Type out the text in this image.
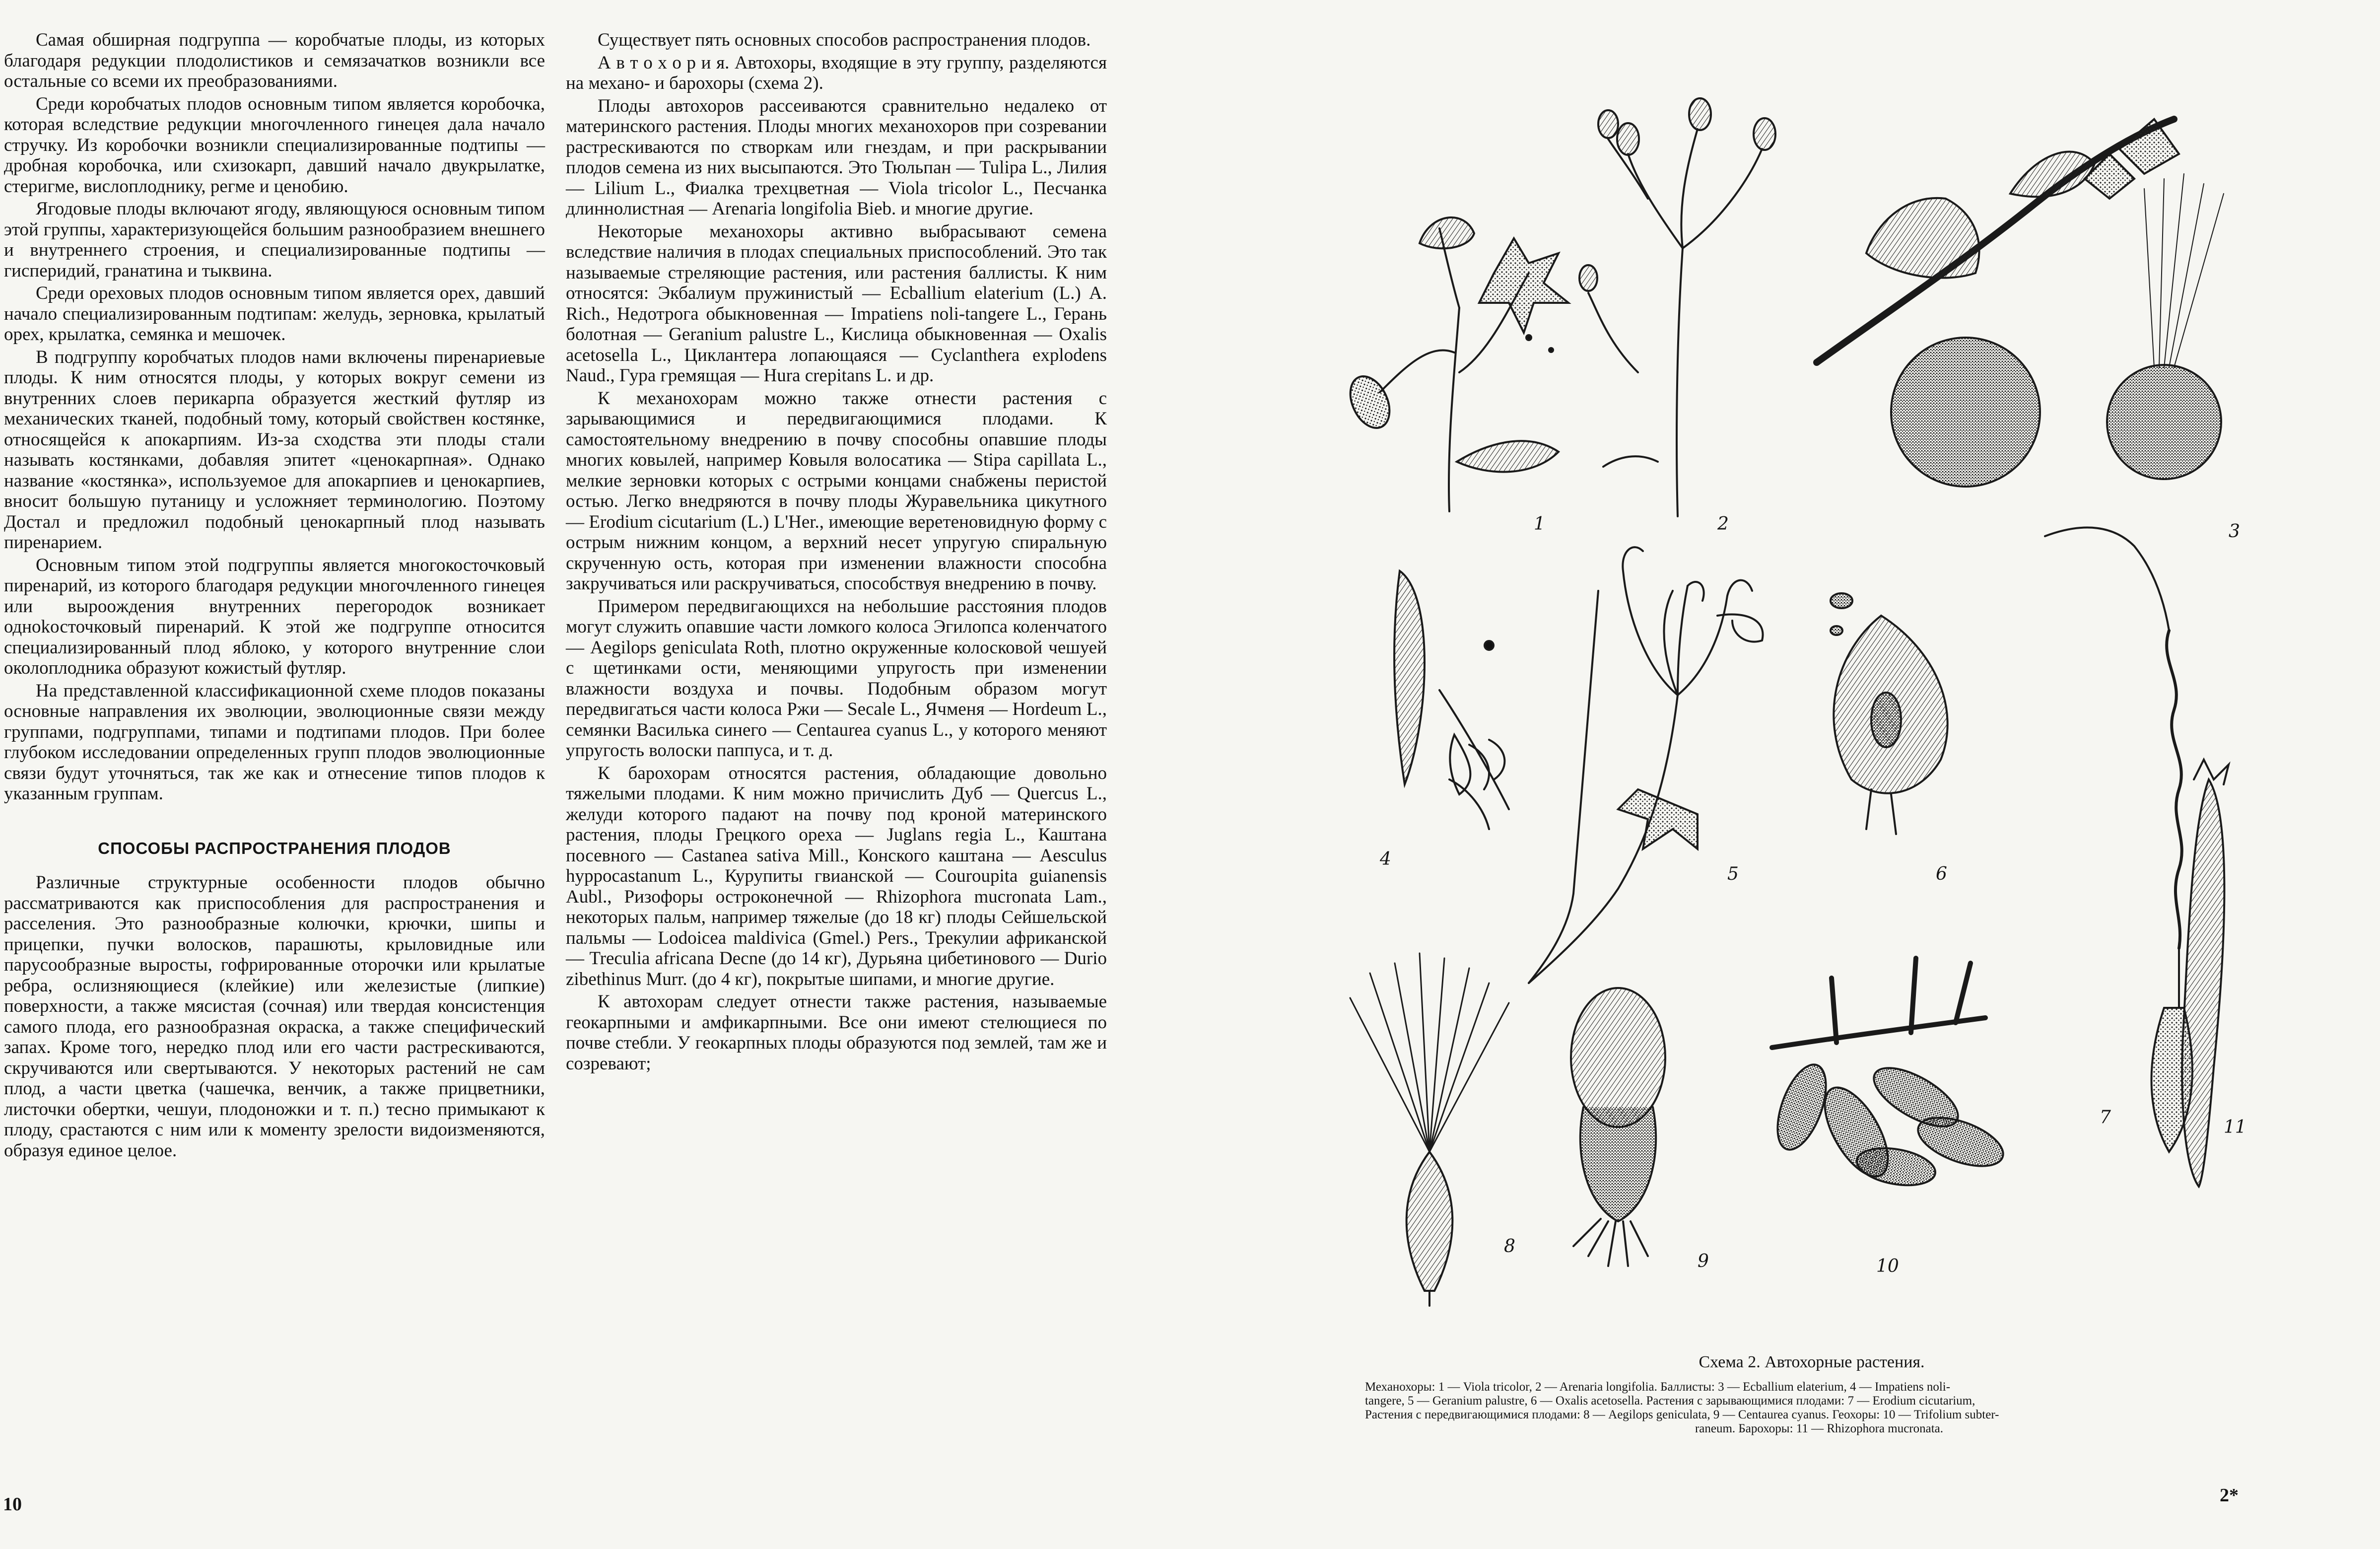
Самая обширная подгруппа — коробчатые плоды, из которых благодаря редукции плодолистиков и семязачатков возникли все остальные со всеми их преобразованиями.

Среди коробчатых плодов основным типом является коробочка, которая вследствие редукции многочленного гинецея дала начало стручку. Из коробочки возникли специализированные подтипы — дробная коробочка, или схизокарп, давший начало двукрылатке, стеригме, вислоплоднику, регме и ценобию.

Ягодовые плоды включают ягоду, являющуюся основным типом этой группы, характеризующейся большим разнообразием внешнего и внутреннего строения, и специализированные подтипы — гиспеpидий, гранатина и тыквина.

Среди ореховых плодов основным типом является орех, давший начало специализированным подтипам: желудь, зерновка, крылатый орех, крылатка, семянка и мешочек.

В подгруппу коробчатых плодов нами включены пиренариевые плоды. К ним относятся плоды, у которых вокруг семени из внутренних слоев перикарпа образуется жесткий футляр из механических тканей, подобный тому, который свойствен костянке, относящейся к апокарпиям. Из-за сходства эти плоды стали называть костянками, добавляя эпитет «ценокарпная». Однако название «костянка», используемое для апокарпиев и ценокарпиев, вносит большую путаницу и усложняет терминологию. Поэтому Достал и предложил подобный ценокарпный плод называть пиренарием.

Основным типом этой подгруппы является многокосточковый пиренарий, из которого благодаря редукции многочленного гинецея или выроoждения внутренних перегородок возникает одноkосточковый пиренарий. К этой же подгруппе относится специализированный плод яблоко, у которого внутренние слои околоплодника образуют кожистый футляр.

На представленной классификационной схеме плодов показаны основные направления их эволюции, эволюционные связи между группами, подгруппами, типами и подтипами плодов. При более глубоком исследовании определенных групп плодов эволюционные связи будут уточняться, так же как и отнесение типов плодов к указанным группам.

СПОСОБЫ РАСПРОСТРАНЕНИЯ ПЛОДОВ

Различные структурные особенности плодов обычно рассматриваются как приспособления для распространения и расселения. Это разнообразные колючки, крючки, шипы и прицепки, пучки волосков, парашюты, крыловидные или парусообразные выросты, гофрированные оторочки или крылатые ребра, ослизняющиеся (клейкие) или железистые (липкие) поверхности, а также мясистая (сочная) или твердая консистенция самого плода, его разнообразная окраска, а также специфический запах. Кроме того, нередко плод или его части растрескиваются, скручиваются или свертываются. У некоторых растений не сам плод, а части цветка (чашечка, венчик, а также прицветники, листочки обертки, чешуи, плодоножки и т. п.) тесно примыкают к плоду, срастаются с ним или к моменту зрелости видоизменяются, образуя единое целое.

Существует пять основных способов распространения плодов.

А в т о х о р и я. Автохоры, входящие в эту группу, разделяются на механо- и барохоры (схема 2).

Плоды автохоров рассеиваются сравнительно недалеко от материнского растения. Плоды многих механохоров при созревании растрескиваются по створкам или гнездам, и при раскрывании плодов семена из них высыпаются. Это Тюльпан — Tulipa L., Лилия — Lilium L., Фиалка трехцветная — Viola tricolor L., Песчанка длиннолистная — Arenaria longifolia Bieb. и многие другие.

Некоторые механохоры активно выбрасывают семена вследствие наличия в плодах специальных приспособлений. Это так называемые стреляющие растения, или растения баллисты. К ним относятся: Экбалиум пружинистый — Ecballium elaterium (L.) A. Rich., Недотрога обыкновенная — Impatiens noli-tangere L., Герань болотная — Geranium palustre L., Кислица обыкновенная — Oxalis acetosella L., Циклантера лопающаяся — Cyclanthera explodens Naud., Гура гремящая — Hura crepitans L. и др.

К механохорам можно также отнести растения с зарывающимися и передвигающимися плодами. К самостоятельному внедрению в почву способны опавшие плоды многих ковылей, например Ковыля волосатика — Stipa capillata L., мелкие зерновки которых с острыми концами снабжены перистой остью. Легко внедряются в почву плоды Журавельника цикутного — Erodium cicutarium (L.) L'Her., имеющие веретеновидную форму с острым нижним концом, а верхний несет упругую спиральную скрученную ость, которая при изменении влажности способна закручиваться или раскручиваться, способствуя внедрению в почву.

Примером передвигающихся на небольшие расстояния плодов могут служить опавшие части ломкого колоса Эгилопса коленчатого — Aegilops geniculata Roth, плотно окруженные колосковой чешуей с щетинками ости, меняющими упругость при изменении влажности воздуха и почвы. Подобным образом могут передвигаться части колоса Ржи — Secale L., Ячменя — Hordeum L., семянки Василька синего — Centaurea cyanus L., у которого меняют упругость волоски паппуса, и т. д.

К барохорам относятся растения, обладающие довольно тяжелыми плодами. К ним можно причислить Дуб — Quercus L., желуди которого падают на почву под кроной материнского растения, плоды Грецкого ореха — Juglans regia L., Каштана посевного — Castanea sativa Mill., Конского каштана — Aesculus hyppocastanum L., Курупиты гвианской — Couroupita guianensis Aubl., Ризофоры остроконечной — Rhizophora mucronata Lam., некоторых пальм, например тяжелые (до 18 кг) плоды Сейшельской пальмы — Lodoicea maldivica (Gmel.) Pers., Трекулии африканской — Treculia africana Decne (до 14 кг), Дурьяна цибетинового — Durio zibethinus Murr. (до 4 кг), покрытые шипами, и многие другие.

К автохорам следует отнести также растения, называемые геокарпными и амфикарпными. Все они имеют стелющиеся по почве стебли. У геокарпных плоды образуются под землей, там же и созревают;

10
1	2	3
4
5	6
7
8
9	10
11
Схема 2. Автохорные растения.
Механохоры: 1 — Viola tricolor, 2 — Arenaria longifolia. Баллисты: 3 — Ecballium elaterium, 4 — Impatiens noli-
tangere, 5 — Geranium palustre, 6 — Oxalis acetosella. Растения с зарывающимися плодами: 7 — Erodium cicutarium,
Растения с передвигающимися плодами: 8 — Aegilops geniculata, 9 — Centaurea cyanus. Геохоры: 10 — Trifolium subter-
raneum. Барохоры: 11 — Rhizophora mucronata.
2*
